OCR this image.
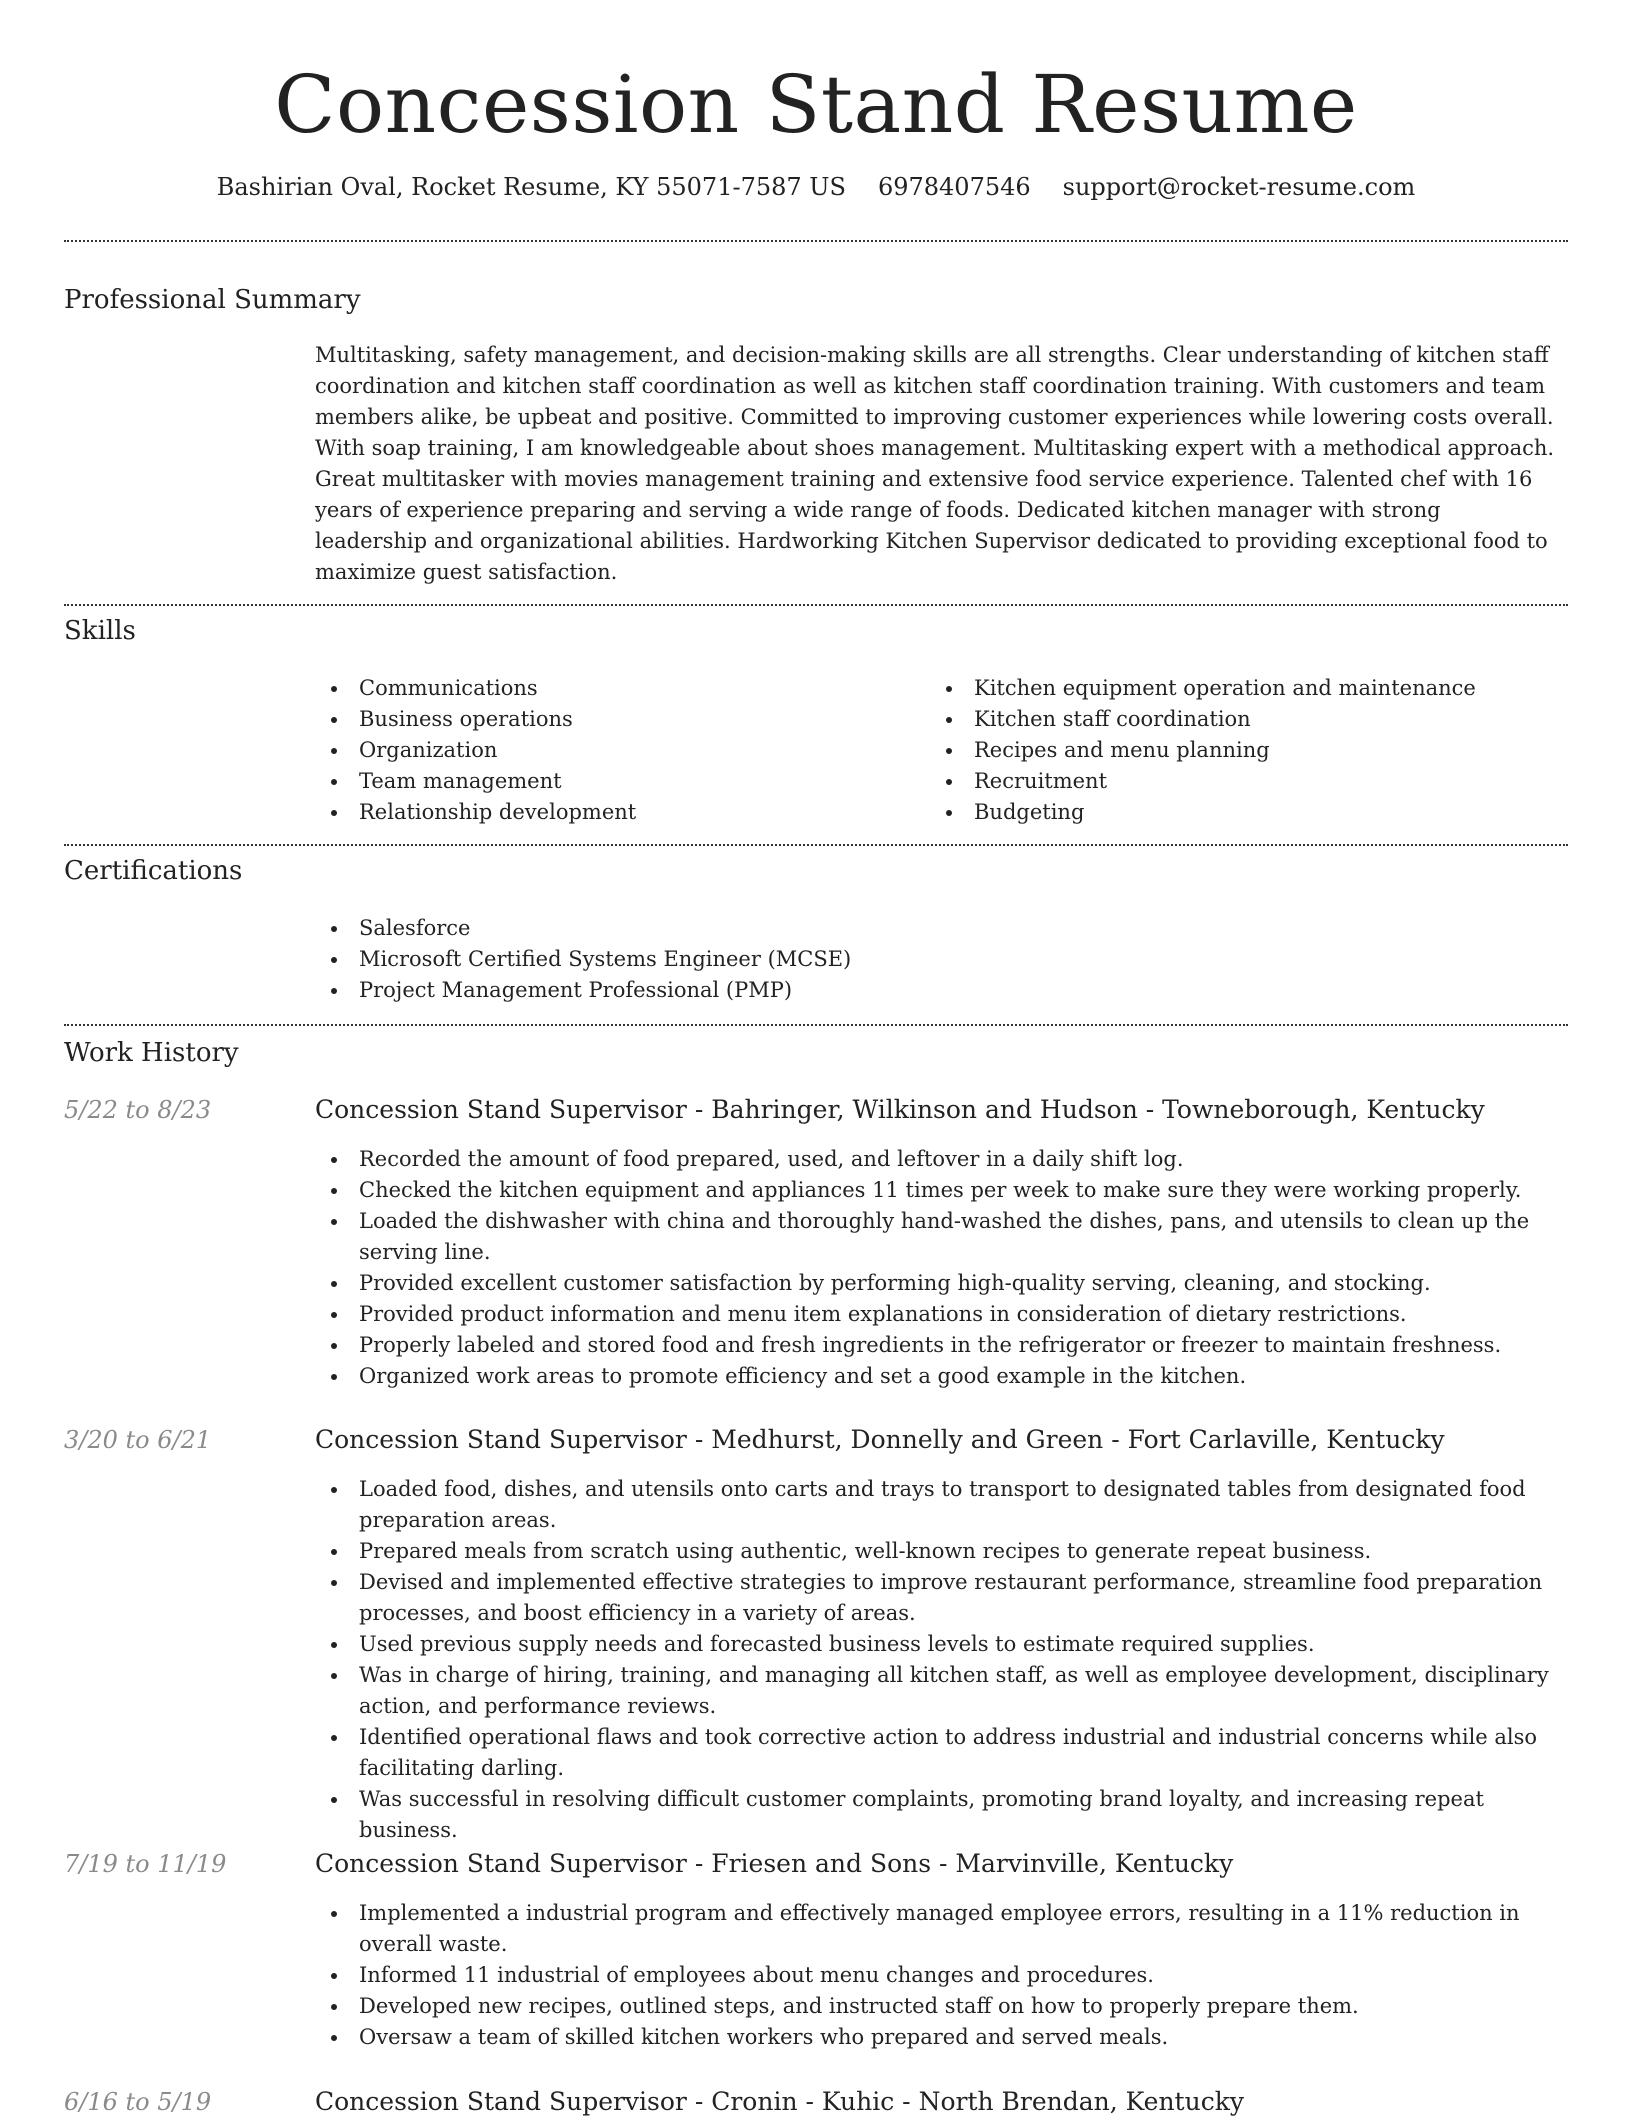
Concession Stand Resume
Bashirian Oval, Rocket Resume, KY 55071-7587 US 6978407546 support@rocket-resume.com
Professional Summary

Multitasking, safety management, and decision-making skills are all strengths. Clear understanding of kitchen staff coordination and kitchen staff coordination as well as kitchen staff coordination training. With customers and team members alike, be upbeat and positive. Committed to improving customer experiences while lowering costs overall. With soap training, I am knowledgeable about shoes management. Multitasking expert with a methodical approach. Great multitasker with movies management training and extensive food service experience. Talented chef with 16 years of experience preparing and serving a wide range of foods. Dedicated kitchen manager with strong leadership and organizational abilities. Hardworking Kitchen Supervisor dedicated to providing exceptional food to maximize guest satisfaction.

Skills
Communications
Business operations
Organization
Team management
Relationship development
Kitchen equipment operation and maintenance
Kitchen staff coordination
Recipes and menu planning
Recruitment
Budgeting
Certifications
Salesforce
Microsoft Certified Systems Engineer (MCSE)
Project Management Professional (PMP)
Work History
5/22 to 8/23	Concession Stand Supervisor - Bahringer, Wilkinson and Hudson - Towneborough, Kentucky
Recorded the amount of food prepared, used, and leftover in a daily shift log.
Checked the kitchen equipment and appliances 11 times per week to make sure they were working properly.
Loaded the dishwasher with china and thoroughly hand-washed the dishes, pans, and utensils to clean up the serving line.
Provided excellent customer satisfaction by performing high-quality serving, cleaning, and stocking.
Provided product information and menu item explanations in consideration of dietary restrictions.
Properly labeled and stored food and fresh ingredients in the refrigerator or freezer to maintain freshness.
Organized work areas to promote efficiency and set a good example in the kitchen.
3/20 to 6/21	Concession Stand Supervisor - Medhurst, Donnelly and Green - Fort Carlaville, Kentucky
Loaded food, dishes, and utensils onto carts and trays to transport to designated tables from designated food preparation areas.
Prepared meals from scratch using authentic, well-known recipes to generate repeat business.
Devised and implemented effective strategies to improve restaurant performance, streamline food preparation processes, and boost efficiency in a variety of areas.
Used previous supply needs and forecasted business levels to estimate required supplies.
Was in charge of hiring, training, and managing all kitchen staff, as well as employee development, disciplinary action, and performance reviews.
Identified operational flaws and took corrective action to address industrial and industrial concerns while also facilitating darling.
Was successful in resolving difficult customer complaints, promoting brand loyalty, and increasing repeat business.
7/19 to 11/19	Concession Stand Supervisor - Friesen and Sons - Marvinville, Kentucky
Implemented a industrial program and effectively managed employee errors, resulting in a 11% reduction in overall waste.
Informed 11 industrial of employees about menu changes and procedures.
Developed new recipes, outlined steps, and instructed staff on how to properly prepare them.
Oversaw a team of skilled kitchen workers who prepared and served meals.
6/16 to 5/19	Concession Stand Supervisor - Cronin - Kuhic - North Brendan, Kentucky
